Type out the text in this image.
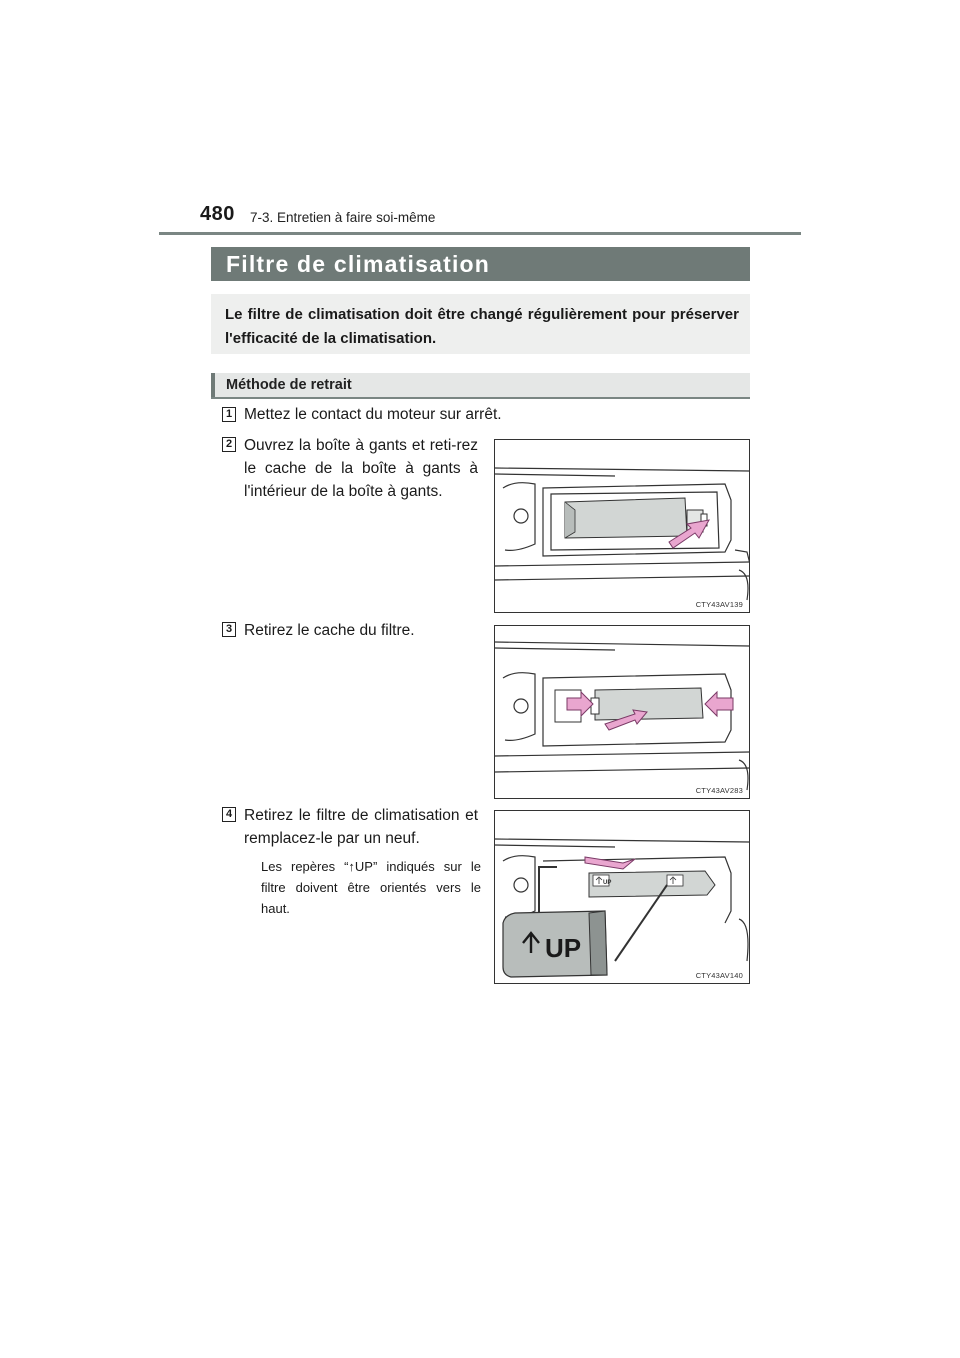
480 7-3. Entretien à faire soi-même
Filtre de climatisation
Le filtre de climatisation doit être changé régulièrement pour préserver l'efficacité de la climatisation.
Méthode de retrait
1 Mettez le contact du moteur sur arrêt.
2 Ouvrez la boîte à gants et reti-rez le cache de la boîte à gants à l'intérieur de la boîte à gants.
3 Retirez le cache du filtre.
4 Retirez le filtre de climatisation et remplacez-le par un neuf.
Les repères “↑UP” indiqués sur le filtre doivent être orientés vers le haut.
CTY43AV139
CTY43AV283
UP
UP
CTY43AV140
